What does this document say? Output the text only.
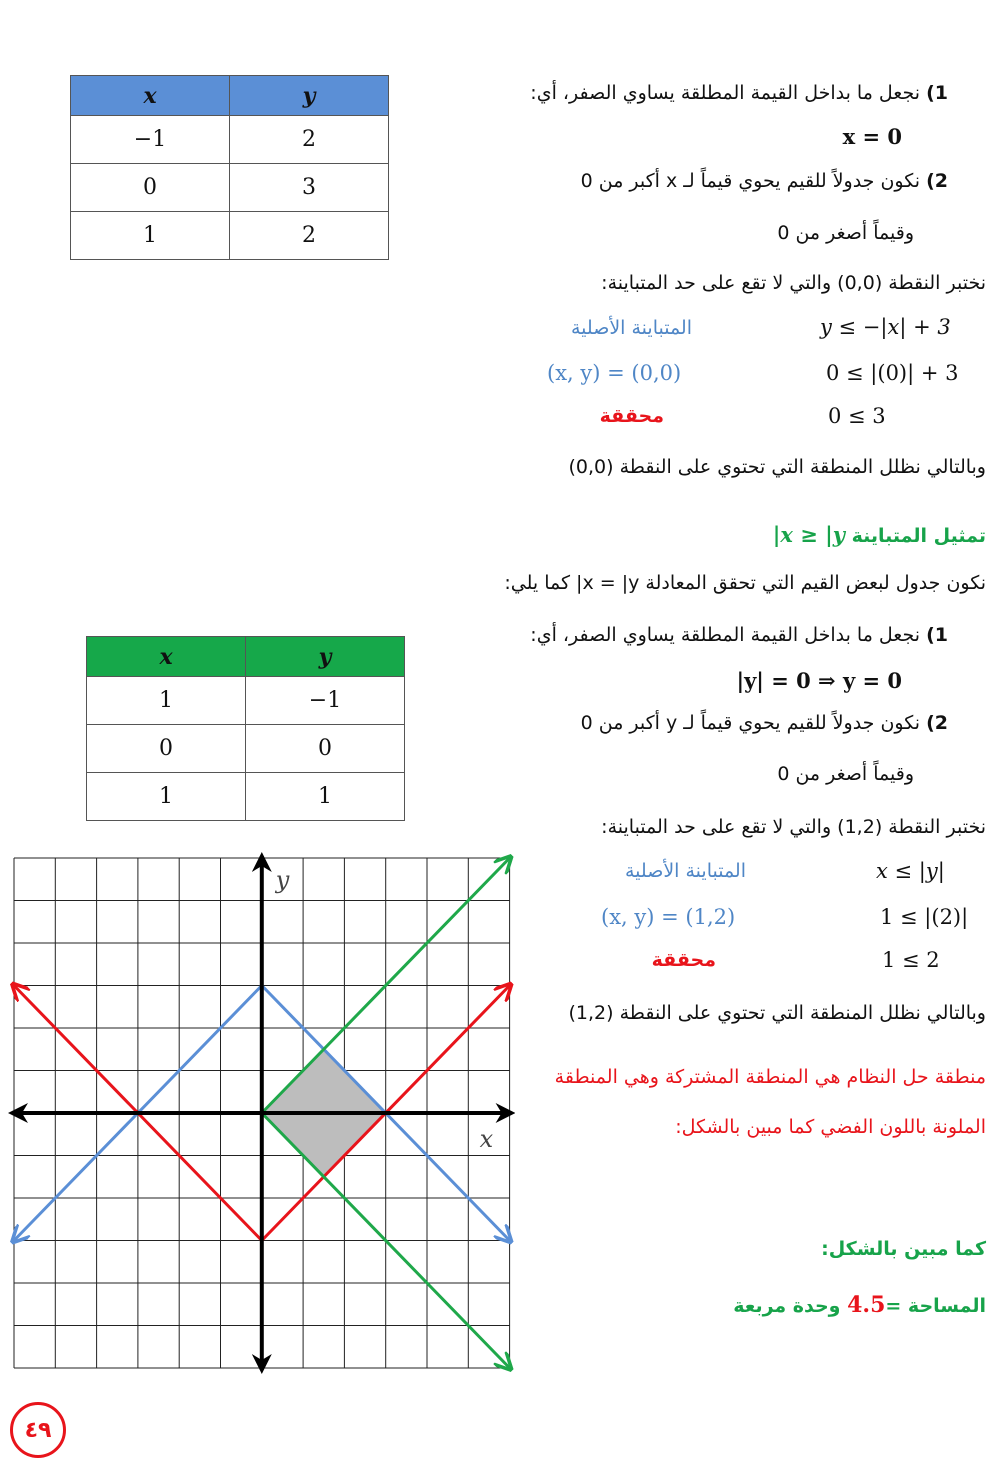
x	y
−1	2
0	3
1	2
1) نجعل ما بداخل القيمة المطلقة يساوي الصفر، أي:
x = 0
2) نكون جدولاً للقيم يحوي قيماً لـ x أكبر من 0
وقيماً أصغر من 0
نختبر النقطة (0,0) والتي لا تقع على حد المتباينة:
المتباينة الأصلية	y ≤ −|x| + 3
(x, y) = (0,0)	0 ≤ |(0)| + 3
محققة	0 ≤ 3
وبالتالي نظلل المنطقة التي تحتوي على النقطة (0,0)
تمثيل المتباينة x ≥ |y|
نكون جدول لبعض القيم التي تحقق المعادلة x = |y| كما يلي:
x	y
1	−1
0	0
1	1
1) نجعل ما بداخل القيمة المطلقة يساوي الصفر، أي:
|y| = 0 ⇒ y = 0
2) نكون جدولاً للقيم يحوي قيماً لـ y أكبر من 0
وقيماً أصغر من 0
نختبر النقطة (1,2) والتي لا تقع على حد المتباينة:
المتباينة الأصلية	x ≤ |y|
(x, y) = (1,2)	1 ≤ |(2)|
محققة	1 ≤ 2
وبالتالي نظلل المنطقة التي تحتوي على النقطة (1,2)
منطقة حل النظام هي المنطقة المشتركة وهي المنطقة
الملونة باللون الفضي كما مبين بالشكل:
كما مبين بالشكل:
المساحة =4.5 وحدة مربعة
x
y
٤٩
